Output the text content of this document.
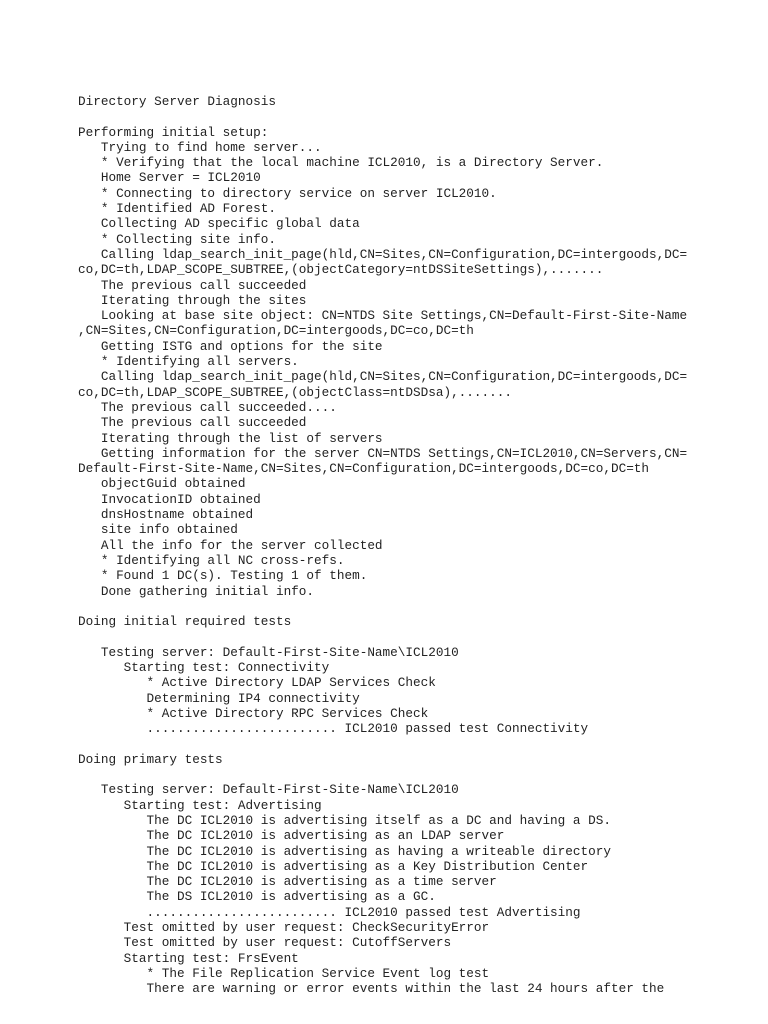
Directory Server Diagnosis
Performing initial setup:
Trying to find home server...
* Verifying that the local machine ICL2010, is a Directory Server.
Home Server = ICL2010
* Connecting to directory service on server ICL2010.
* Identified AD Forest.
Collecting AD specific global data
* Collecting site info.
Calling ldap_search_init_page(hld,CN=Sites,CN=Configuration,DC=intergoods,DC=
co,DC=th,LDAP_SCOPE_SUBTREE,(objectCategory=ntDSSiteSettings),.......
The previous call succeeded
Iterating through the sites
Looking at base site object: CN=NTDS Site Settings,CN=Default-First-Site-Name
,CN=Sites,CN=Configuration,DC=intergoods,DC=co,DC=th
Getting ISTG and options for the site
* Identifying all servers.
Calling ldap_search_init_page(hld,CN=Sites,CN=Configuration,DC=intergoods,DC=
co,DC=th,LDAP_SCOPE_SUBTREE,(objectClass=ntDSDsa),.......
The previous call succeeded....
The previous call succeeded
Iterating through the list of servers
Getting information for the server CN=NTDS Settings,CN=ICL2010,CN=Servers,CN=
Default-First-Site-Name,CN=Sites,CN=Configuration,DC=intergoods,DC=co,DC=th
objectGuid obtained
InvocationID obtained
dnsHostname obtained
site info obtained
All the info for the server collected
* Identifying all NC cross-refs.
* Found 1 DC(s). Testing 1 of them.
Done gathering initial info.
Doing initial required tests
Testing server: Default-First-Site-Name\ICL2010
Starting test: Connectivity
* Active Directory LDAP Services Check
Determining IP4 connectivity
* Active Directory RPC Services Check
......................... ICL2010 passed test Connectivity
Doing primary tests
Testing server: Default-First-Site-Name\ICL2010
Starting test: Advertising
The DC ICL2010 is advertising itself as a DC and having a DS.
The DC ICL2010 is advertising as an LDAP server
The DC ICL2010 is advertising as having a writeable directory
The DC ICL2010 is advertising as a Key Distribution Center
The DC ICL2010 is advertising as a time server
The DS ICL2010 is advertising as a GC.
......................... ICL2010 passed test Advertising
Test omitted by user request: CheckSecurityError
Test omitted by user request: CutoffServers
Starting test: FrsEvent
* The File Replication Service Event log test
There are warning or error events within the last 24 hours after the
